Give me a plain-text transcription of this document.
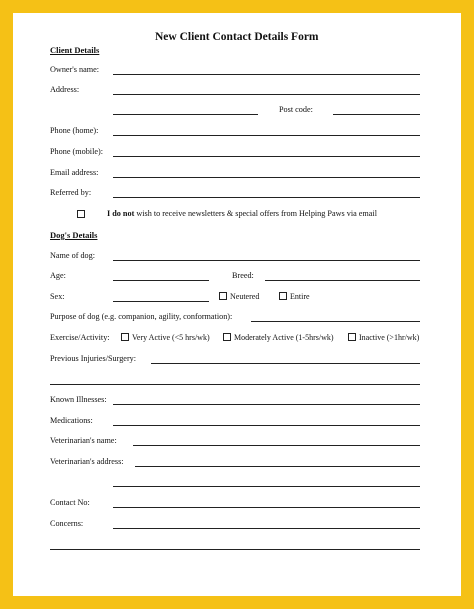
New Client Contact Details Form
Client Details
Owner's name:
Address:
Post code:
Phone (home):
Phone (mobile):
Email address:
Referred by:
I do not wish to receive newsletters & special offers from Helping Paws via email
Dog's Details
Name of dog:
Age:	Breed:
Sex:	Neutered	Entire
Purpose of dog (e.g. companion, agility, conformation):
Exercise/Activity:	Very Active (<5 hrs/wk)	Moderately Active (1-5hrs/wk)	Inactive (>1hr/wk)
Previous Injuries/Surgery:
Known Illnesses:
Medications:
Veterinarian's name:
Veterinarian's address:
Contact No:
Concerns:
